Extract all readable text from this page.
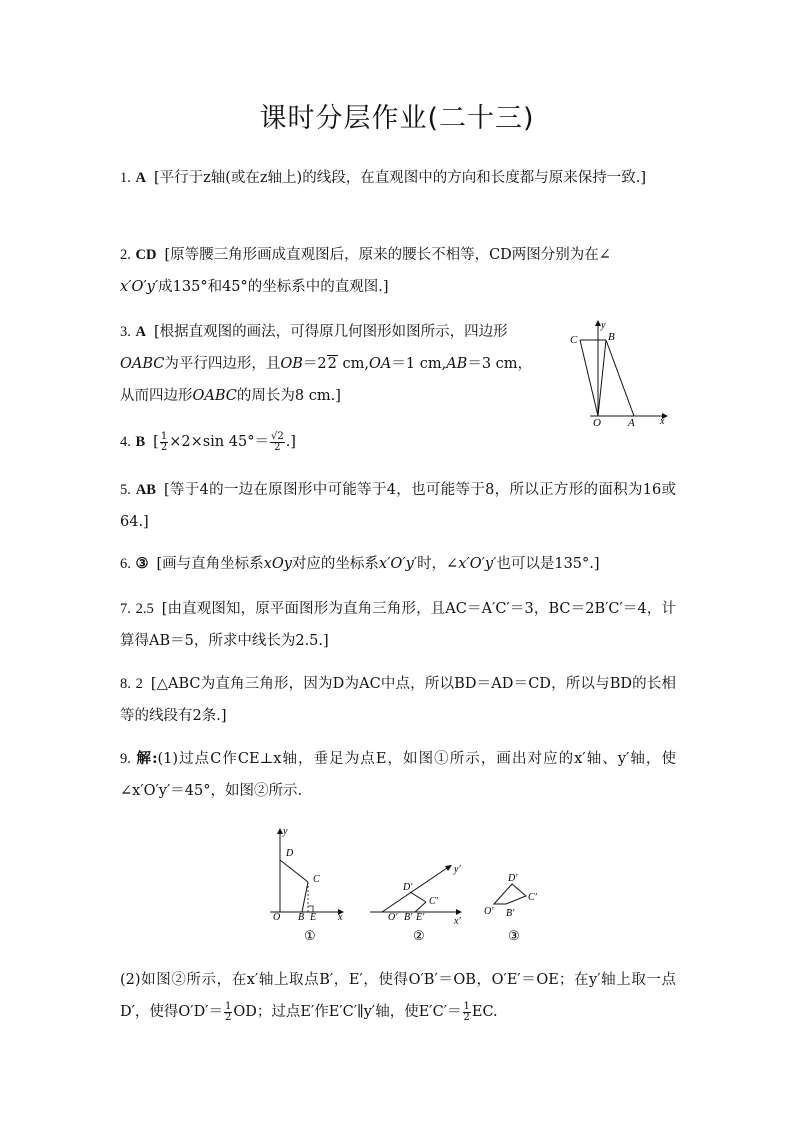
课时分层作业(二十三)
1. A [平行于z轴(或在z轴上)的线段，在直观图中的方向和长度都与原来保持一致.]
2. CD [原等腰三角形画成直观图后，原来的腰长不相等，CD两图分别为在∠
x′O′y′成135°和45°的坐标系中的直观图.]
3. A [根据直观图的画法，可得原几何图形如图所示，四边形
OABC为平行四边形，且OB＝22 cm,OA＝1 cm,AB＝3 cm，
从而四边形OABC的周长为8 cm.]
y
x
C	B
O A
4. B [ $\frac{1}{2} \times 2\times\sin$ $45^\circ= \frac{√2}{2}$ .]
5. AB [等于4的一边在原图形中可能等于4，也可能等于8，所以正方形的面积为16或64.]
6. ③ [画与直角坐标系xOy对应的坐标系x′O′y′时，∠x′O′y′也可以是135°.]
7. 2.5 [由直观图知，原平面图形为直角三角形，且AC＝A′C′＝3，BC＝2B′C′＝4，计算得AB＝5，所求中线长为2.5.]
8. 2 [△ABC为直角三角形，因为D为AC中点，所以BD＝AD＝CD，所以与BD的长相等的线段有2条.]
9. 解:(1)过点C作CE⊥x轴，垂足为点E，如图①所示，画出对应的x′轴、y′轴，使∠x′O′y′＝45°，如图②所示.
y
D
C
O B E x
①
y′
D′
C′
O′ B′ E′	x′
②
D′
C′
O′ B′
③
(2)如图②所示，在x′轴上取点B′，E′，使得O′B′＝OB，O′E′＝OE；在y′轴上取一点D′，使得$O'D'= \frac{1}{2}$ OD；过点E′作E′C′∥y′轴，使$E'C'= \frac{1}{2}$ EC.
